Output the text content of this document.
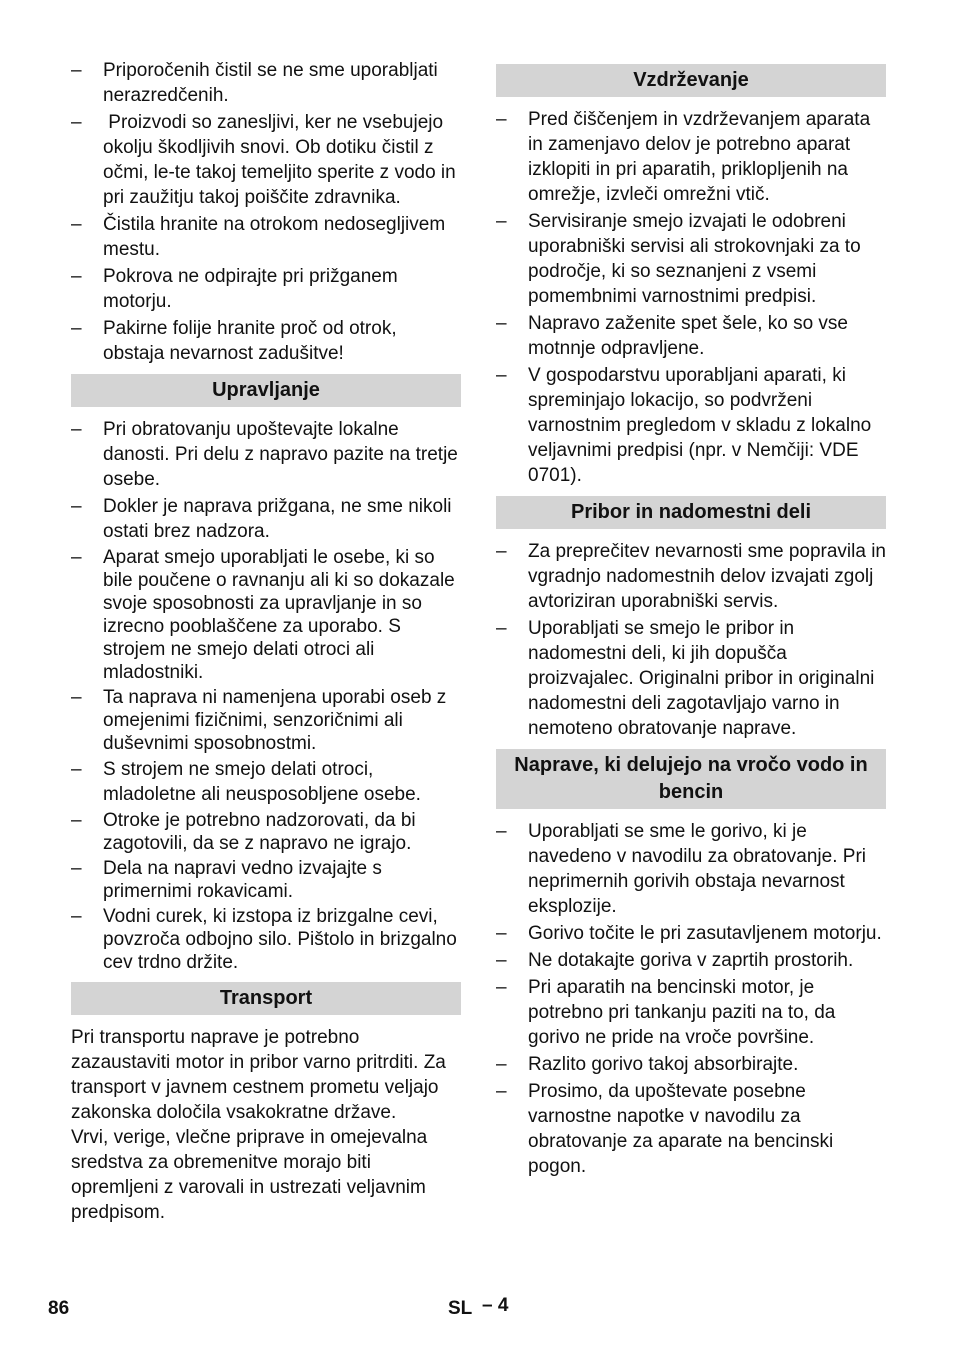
–	Priporočenih čistil se ne sme uporabljati nerazredčenih.
–	Proizvodi so zanesljivi, ker ne vsebujejo okolju škodljivih snovi. Ob dotiku čistil z očmi, le-te takoj temeljito sperite z vodo in pri zaužitju takoj poiščite zdravnika.
–	Čistila hranite na otrokom nedosegljivem mestu.
–	Pokrova ne odpirajte pri prižganem motorju.
–	Pakirne folije hranite proč od otrok, obstaja nevarnost zadušitve!
Upravljanje
–	Pri obratovanju upoštevajte lokalne danosti. Pri delu z napravo pazite na tretje osebe.
–	Dokler je naprava prižgana, ne sme nikoli ostati brez nadzora.
–	Aparat smejo uporabljati le osebe, ki so bile poučene o ravnanju ali ki so dokazale svoje sposobnosti za upravljanje in so izrecno pooblaščene za uporabo. S strojem ne smejo delati otroci ali mladostniki.
–	Ta naprava ni namenjena uporabi oseb z omejenimi fizičnimi, senzoričnimi ali duševnimi sposobnostmi.
–	S strojem ne smejo delati otroci, mladoletne ali neusposobljene osebe.
–	Otroke je potrebno nadzorovati, da bi zagotovili, da se z napravo ne igrajo.
–	Dela na napravi vedno izvajajte s primernimi rokavicami.
–	Vodni curek, ki izstopa iz brizgalne cevi, povzroča odbojno silo. Pištolo in brizgalno cev trdno držite.
Transport

Pri transportu naprave je potrebno zazaustaviti motor in pribor varno pritrditi. Za transport v javnem cestnem prometu veljajo zakonska določila vsakokratne države.

Vrvi, verige, vlečne priprave in omejevalna sredstva za obremenitve morajo biti opremljeni z varovali in ustrezati veljavnim predpisom.

Vzdrževanje
–	Pred čiščenjem in vzdrževanjem aparata in zamenjavo delov je potrebno aparat izklopiti in pri aparatih, priklopljenih na omrežje, izvleči omrežni vtič.
–	Servisiranje smejo izvajati le odobreni uporabniški servisi ali strokovnjaki za to področje, ki so seznanjeni z vsemi pomembnimi varnostnimi predpisi.
–	Napravo zaženite spet šele, ko so vse motnnje odpravljene.
–	V gospodarstvu uporabljani aparati, ki spreminjajo lokacijo, so podvrženi varnostnim pregledom v skladu z lokalno veljavnimi predpisi (npr. v Nemčiji: VDE 0701).
Pribor in nadomestni deli
–	Za preprečitev nevarnosti sme popravila in vgradnjo nadomestnih delov izvajati zgolj avtoriziran uporabniški servis.
–	Uporabljati se smejo le pribor in nadomestni deli, ki jih dopušča proizvajalec. Originalni pribor in originalni nadomestni deli zagotavljajo varno in nemoteno obratovanje naprave.
Naprave, ki delujejo na vročo vodo in bencin
–	Uporabljati se sme le gorivo, ki je navedeno v navodilu za obratovanje. Pri neprimernih gorivih obstaja nevarnost eksplozije.
–	Gorivo točite le pri zasutavljenem motorju.
–	Ne dotakajte goriva v zaprtih prostorih.
–	Pri aparatih na bencinski motor, je potrebno pri tankanju paziti na to, da gorivo ne pride na vroče površine.
–	Razlito gorivo takoj absorbirajte.
–	Prosimo, da upoštevate posebne varnostne napotke v navodilu za obratovanje za aparate na bencinski pogon.
86	SL – 4
